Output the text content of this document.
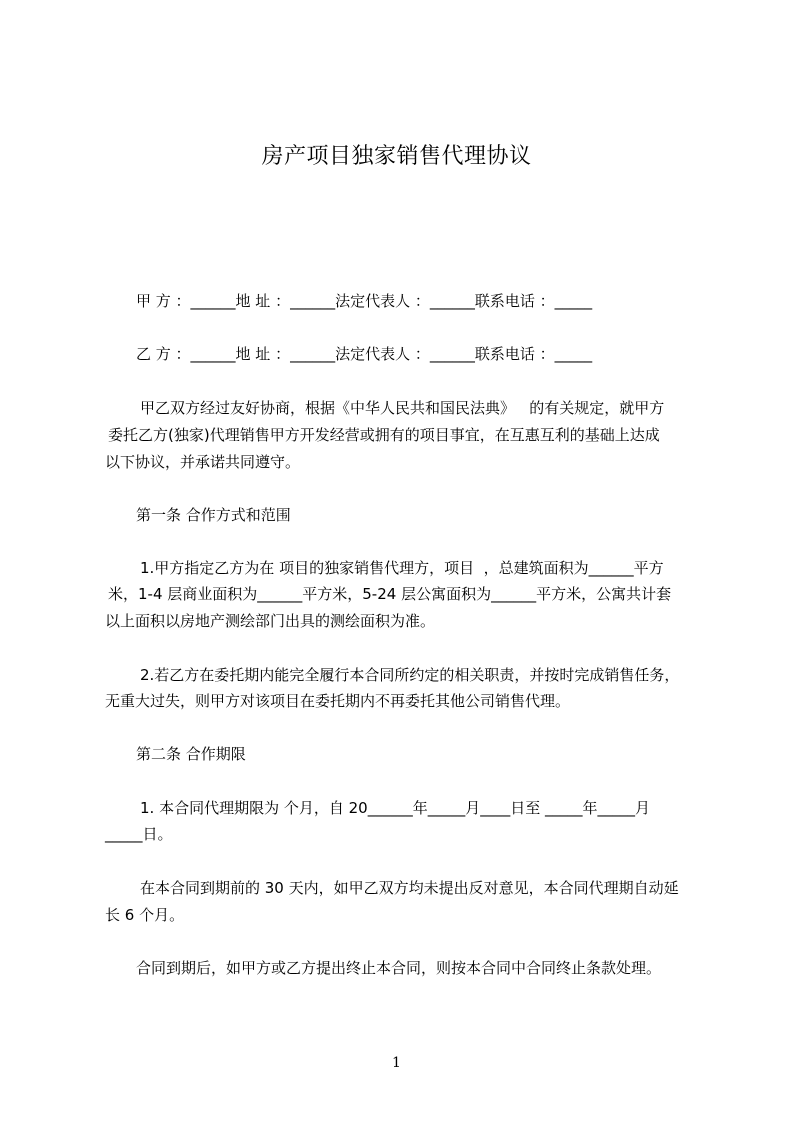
房产项目独家销售代理协议
甲 方 ：______地 址 ：______法定代表人 ：______联系电话 ：_____
乙 方 ：______地 址 ：______法定代表人 ：______联系电话 ：_____
甲乙双方经过友好协商，根据《中华人民共和国民法典》   的有关规定，就甲方
委托乙方(独家)代理销售甲方开发经营或拥有的项目事宜，在互惠互利的基础上达成
以下协议，并承诺共同遵守。
第一条 合作方式和范围
1.甲方指定乙方为在 项目的独家销售代理方，项目  ，总建筑面积为______平方
米，1-4 层商业面积为______平方米，5-24 层公寓面积为______平方米，公寓共计套
以上面积以房地产测绘部门出具的测绘面积为准。
2.若乙方在委托期内能完全履行本合同所约定的相关职责，并按时完成销售任务，
无重大过失，则甲方对该项目在委托期内不再委托其他公司销售代理。
第二条 合作期限
1. 本合同代理期限为 个月，自 20______年_____月____日至 _____年_____月
_____日。
在本合同到期前的 30 天内，如甲乙双方均未提出反对意见，本合同代理期自动延
长 6 个月。
合同到期后，如甲方或乙方提出终止本合同，则按本合同中合同终止条款处理。
1
